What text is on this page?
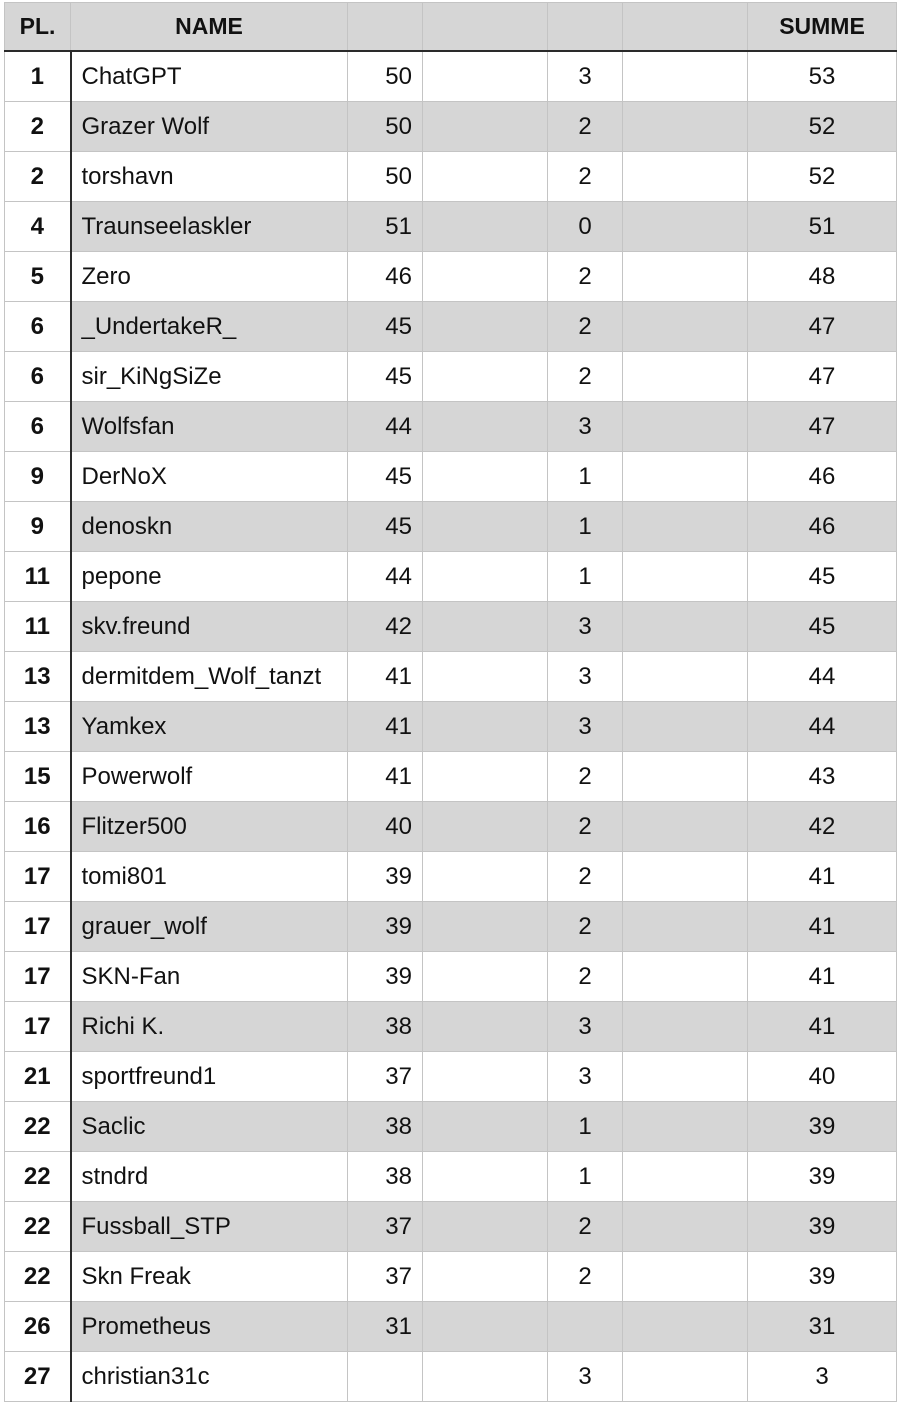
PL.	NAME					SUMME
1	ChatGPT	50		3		53
2	Grazer Wolf	50		2		52
2	torshavn	50		2		52
4	Traunseelaskler	51		0		51
5	Zero	46		2		48
6	_UndertakeR_	45		2		47
6	sir_KiNgSiZe	45		2		47
6	Wolfsfan	44		3		47
9	DerNoX	45		1		46
9	denoskn	45		1		46
11	pepone	44		1		45
11	skv.freund	42		3		45
13	dermitdem_Wolf_tanzt	41		3		44
13	Yamkex	41		3		44
15	Powerwolf	41		2		43
16	Flitzer500	40		2		42
17	tomi801	39		2		41
17	grauer_wolf	39		2		41
17	SKN-Fan	39		2		41
17	Richi K.	38		3		41
21	sportfreund1	37		3		40
22	Saclic	38		1		39
22	stndrd	38		1		39
22	Fussball_STP	37		2		39
22	Skn Freak	37		2		39
26	Prometheus	31				31
27	christian31c			3		3
